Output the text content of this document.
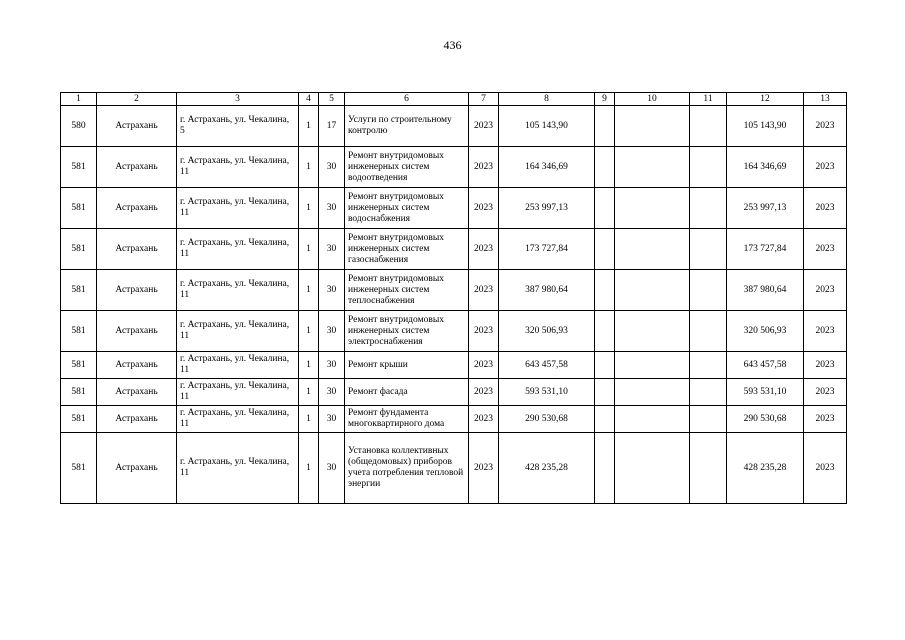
436
1	2	3	4	5	6	7	8	9	10	11	12	13
580	Астрахань	г. Астрахань, ул. Чекалина, 5	1	17	Услуги по строительному контролю	2023	105 143,90				105 143,90	2023
581	Астрахань	г. Астрахань, ул. Чекалина, 11	1	30	Ремонт внутридомовых инженерных систем водоотведения	2023	164 346,69				164 346,69	2023
581	Астрахань	г. Астрахань, ул. Чекалина, 11	1	30	Ремонт внутридомовых инженерных систем водоснабжения	2023	253 997,13				253 997,13	2023
581	Астрахань	г. Астрахань, ул. Чекалина, 11	1	30	Ремонт внутридомовых инженерных систем газоснабжения	2023	173 727,84				173 727,84	2023
581	Астрахань	г. Астрахань, ул. Чекалина, 11	1	30	Ремонт внутридомовых инженерных систем теплоснабжения	2023	387 980,64				387 980,64	2023
581	Астрахань	г. Астрахань, ул. Чекалина, 11	1	30	Ремонт внутридомовых инженерных систем электроснабжения	2023	320 506,93				320 506,93	2023
581	Астрахань	г. Астрахань, ул. Чекалина, 11	1	30	Ремонт крыши	2023	643 457,58				643 457,58	2023
581	Астрахань	г. Астрахань, ул. Чекалина, 11	1	30	Ремонт фасада	2023	593 531,10				593 531,10	2023
581	Астрахань	г. Астрахань, ул. Чекалина, 11	1	30	Ремонт фундамента многоквартирного дома	2023	290 530,68				290 530,68	2023
581	Астрахань	г. Астрахань, ул. Чекалина, 11	1	30	Установка коллективных (общедомовых) приборов учета потребления тепловой энергии	2023	428 235,28				428 235,28	2023
